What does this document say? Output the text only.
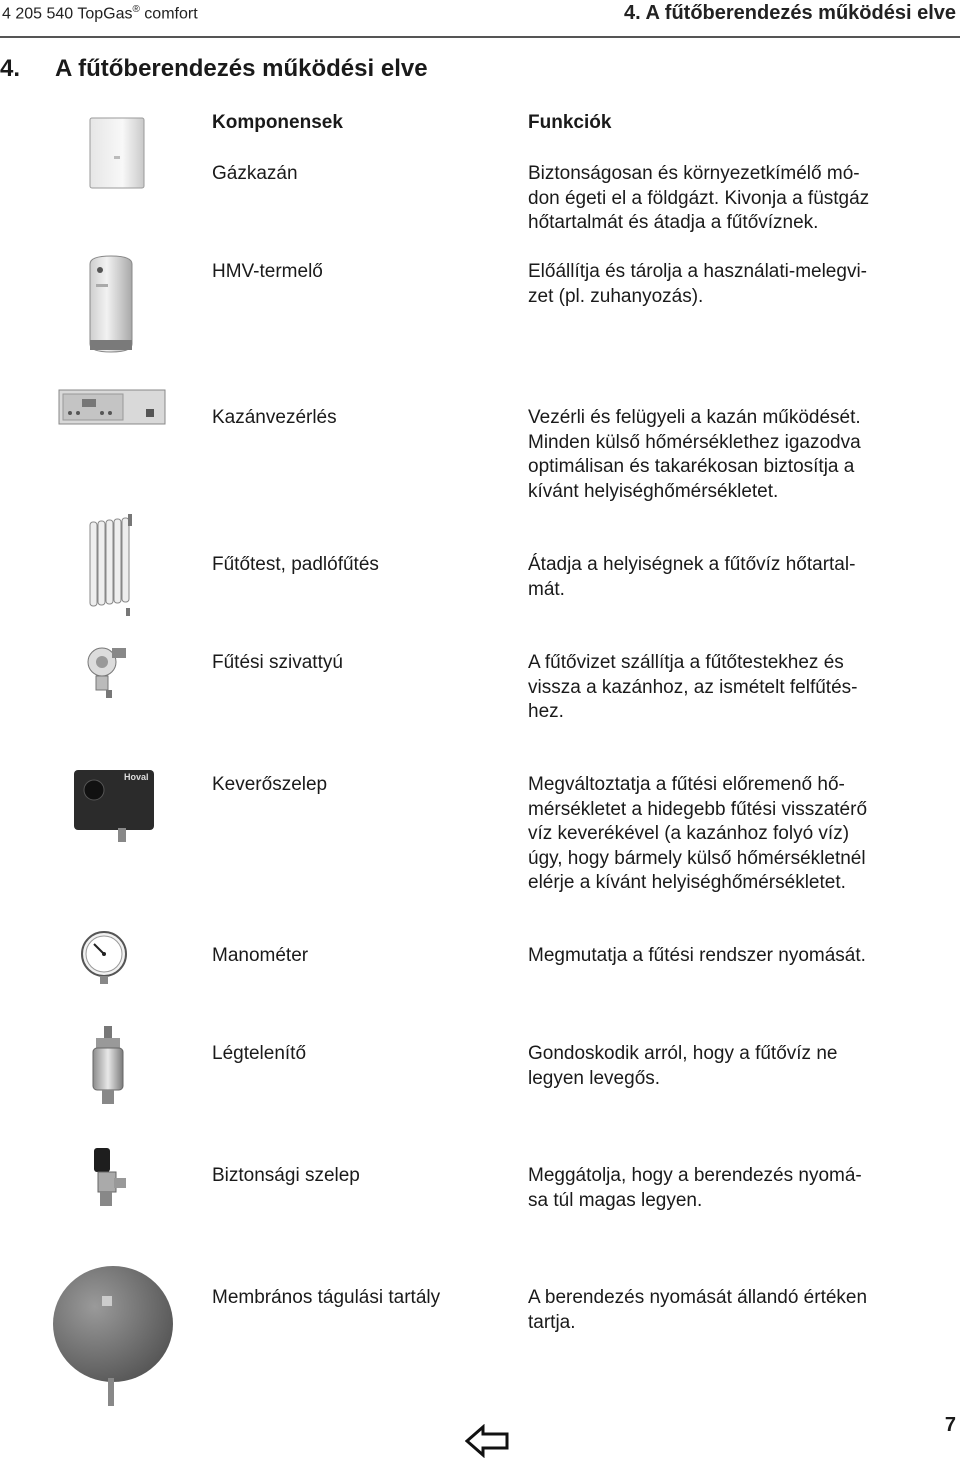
4 205 540 TopGas® comfort	4. A fűtőberendezés működési elve
4. A fűtőberendezés működési elve
Komponensek	Funkciók
Hoval
Gázkazán	Biztonságosan és környezetkímélő mó-
don égeti el a földgázt. Kivonja a füstgáz
hőtartalmát és átadja a fűtővíznek.
HMV-termelő	Előállítja és tárolja a használati-melegvi-
zet (pl. zuhanyozás).
Kazánvezérlés	Vezérli és felügyeli a kazán működését.
Minden külső hőmérséklethez igazodva
optimálisan és takarékosan biztosítja a
kívánt helyiséghőmérsékletet.
Fűtőtest, padlófűtés	Átadja a helyiségnek a fűtővíz hőtartal-
mát.
Fűtési szivattyú	A fűtővizet szállítja a fűtőtestekhez és
vissza a kazánhoz, az ismételt felfűtés-
hez.
Keverőszelep	Megváltoztatja a fűtési előremenő hő-
mérsékletet a hidegebb fűtési visszatérő
víz keverékével (a kazánhoz folyó víz)
úgy, hogy bármely külső hőmérsékletnél
elérje a kívánt helyiséghőmérsékletet.
Manométer	Megmutatja a fűtési rendszer nyomását.
Légtelenítő	Gondoskodik arról, hogy a fűtővíz ne
legyen levegős.
Biztonsági szelep	Meggátolja, hogy a berendezés nyomá-
sa túl magas legyen.
Membrános tágulási tartály	A berendezés nyomását állandó értéken
tartja.
7
